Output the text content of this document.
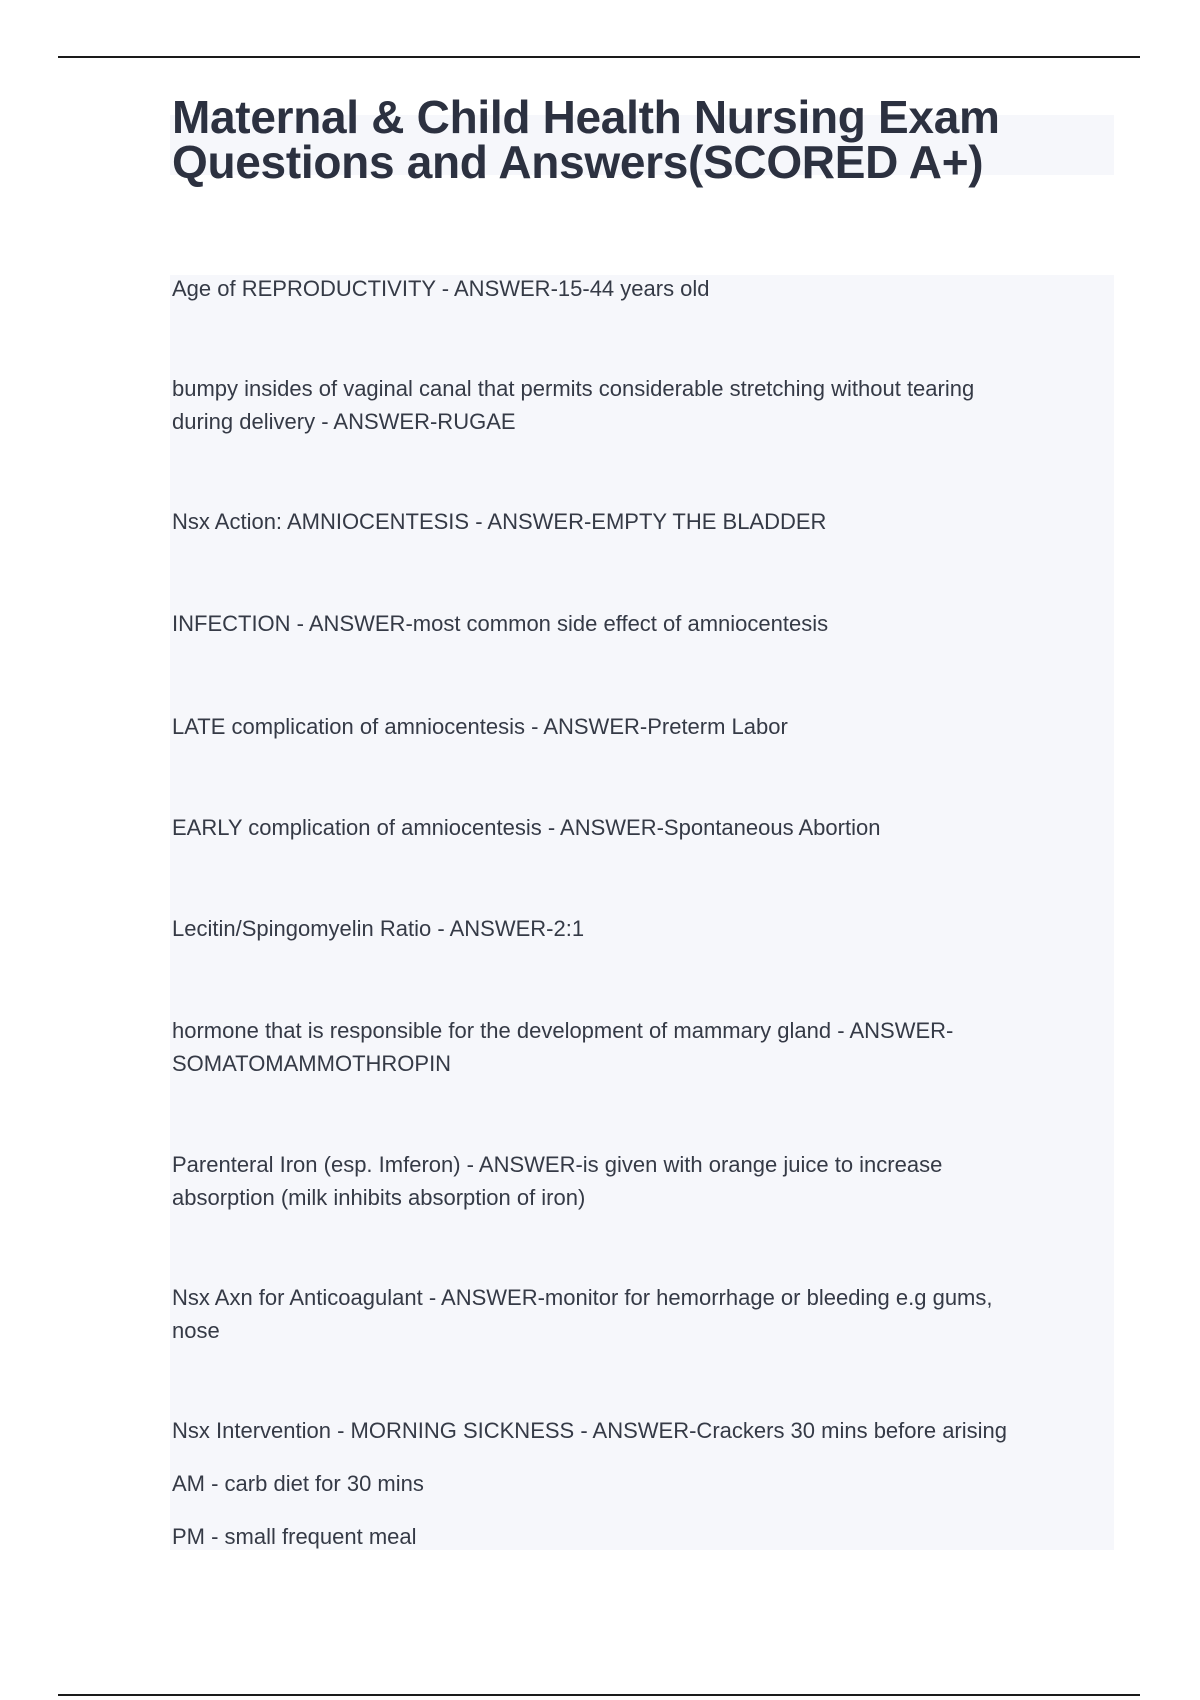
Maternal & Child Health Nursing Exam
Questions and Answers(SCORED A+)
Age of REPRODUCTIVITY - ANSWER-15-44 years old
bumpy insides of vaginal canal that permits considerable stretching without tearing
during delivery - ANSWER-RUGAE
Nsx Action: AMNIOCENTESIS - ANSWER-EMPTY THE BLADDER
INFECTION - ANSWER-most common side effect of amniocentesis
LATE complication of amniocentesis - ANSWER-Preterm Labor
EARLY complication of amniocentesis - ANSWER-Spontaneous Abortion
Lecitin/Spingomyelin Ratio - ANSWER-2:1
hormone that is responsible for the development of mammary gland - ANSWER-
SOMATOMAMMOTHROPIN
Parenteral Iron (esp. Imferon) - ANSWER-is given with orange juice to increase
absorption (milk inhibits absorption of iron)
Nsx Axn for Anticoagulant - ANSWER-monitor for hemorrhage or bleeding e.g gums,
nose
Nsx Intervention - MORNING SICKNESS - ANSWER-Crackers 30 mins before arising
AM - carb diet for 30 mins
PM - small frequent meal
